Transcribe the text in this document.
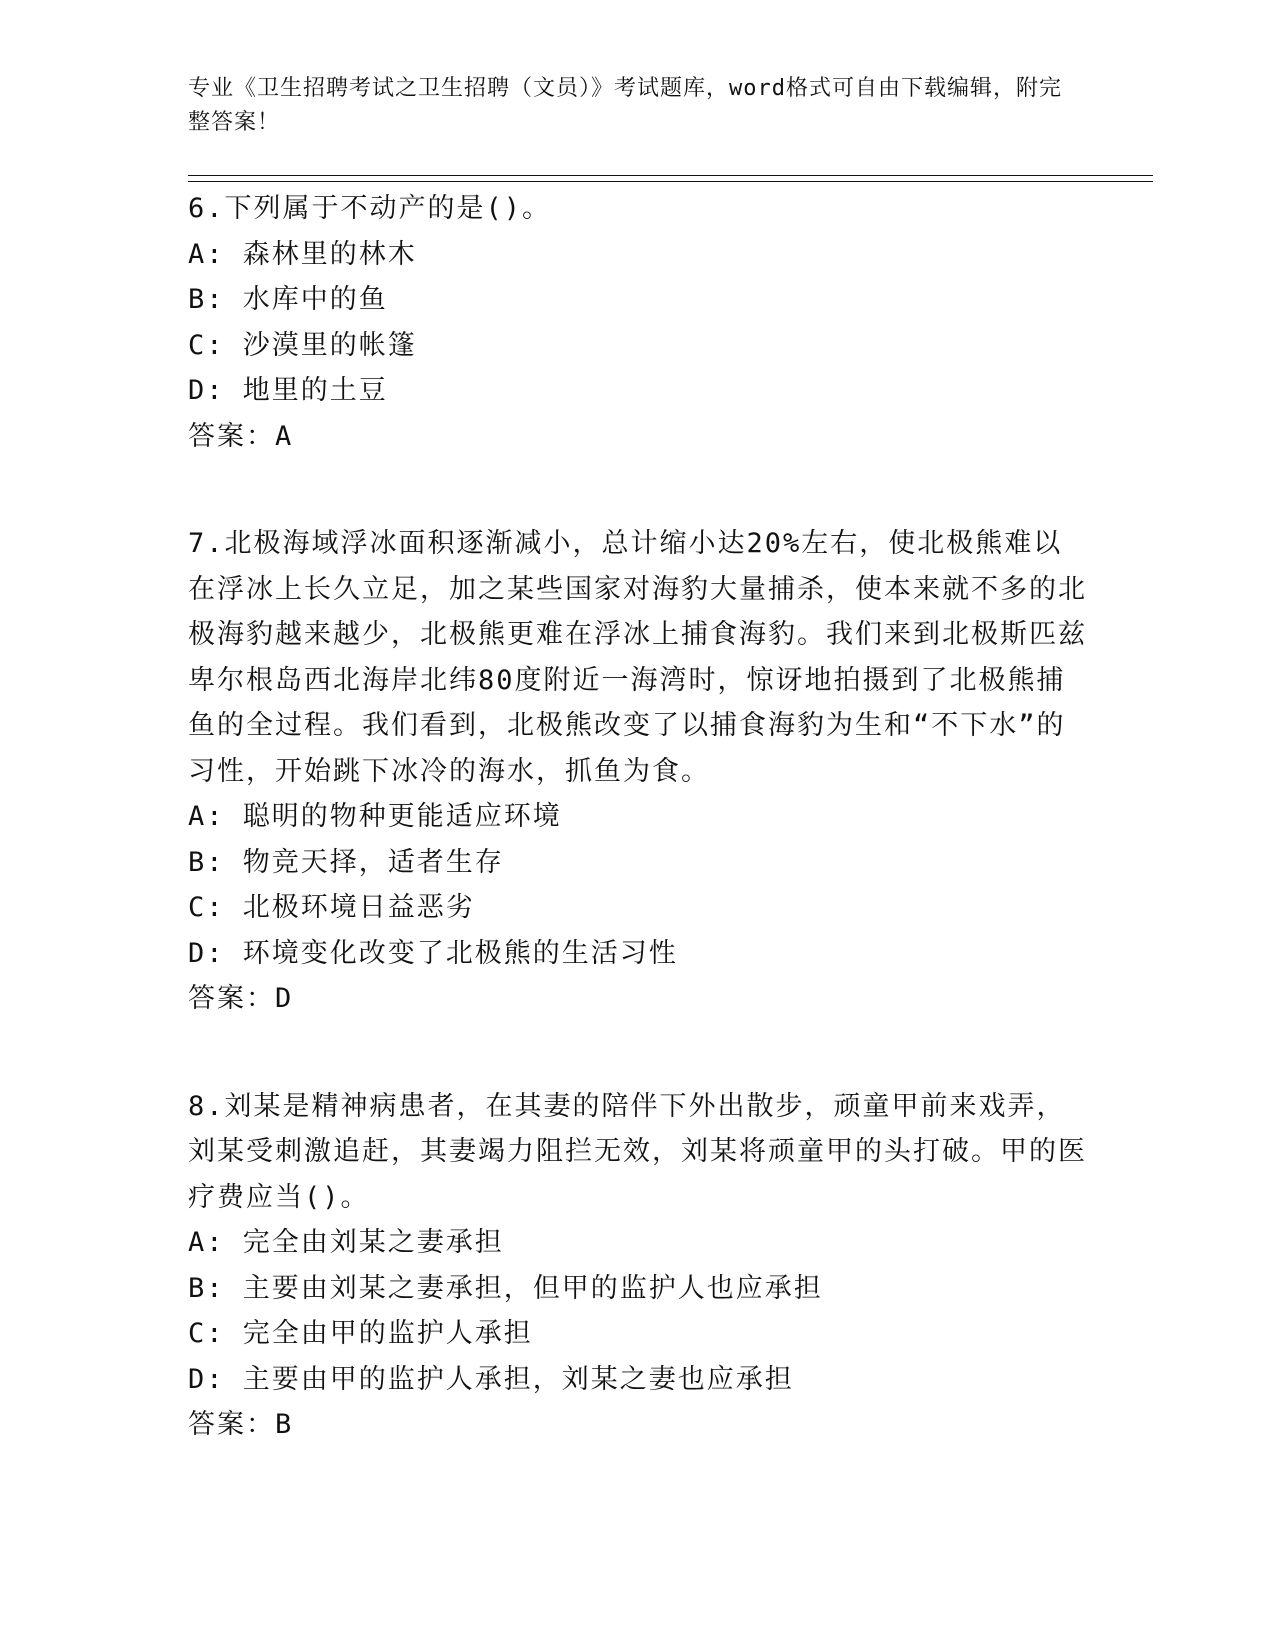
专业《卫生招聘考试之卫生招聘（文员）》考试题库，word格式可自由下载编辑，附完整答案！
6.下列属于不动产的是()。
A: 森林里的林木
B: 水库中的鱼
C: 沙漠里的帐篷
D: 地里的土豆
答案：A
7.北极海域浮冰面积逐渐减小，总计缩小达20%左右，使北极熊难以在浮冰上长久立足，加之某些国家对海豹大量捕杀，使本来就不多的北极海豹越来越少，北极熊更难在浮冰上捕食海豹。我们来到北极斯匹兹卑尔根岛西北海岸北纬80度附近一海湾时，惊讶地拍摄到了北极熊捕鱼的全过程。我们看到，北极熊改变了以捕食海豹为生和“不下水”的习性，开始跳下冰冷的海水，抓鱼为食。
A: 聪明的物种更能适应环境
B: 物竞天择，适者生存
C: 北极环境日益恶劣
D: 环境变化改变了北极熊的生活习性
答案：D
8.刘某是精神病患者，在其妻的陪伴下外出散步，顽童甲前来戏弄，刘某受刺激追赶，其妻竭力阻拦无效，刘某将顽童甲的头打破。甲的医疗费应当()。
A: 完全由刘某之妻承担
B: 主要由刘某之妻承担，但甲的监护人也应承担
C: 完全由甲的监护人承担
D: 主要由甲的监护人承担，刘某之妻也应承担
答案：B
